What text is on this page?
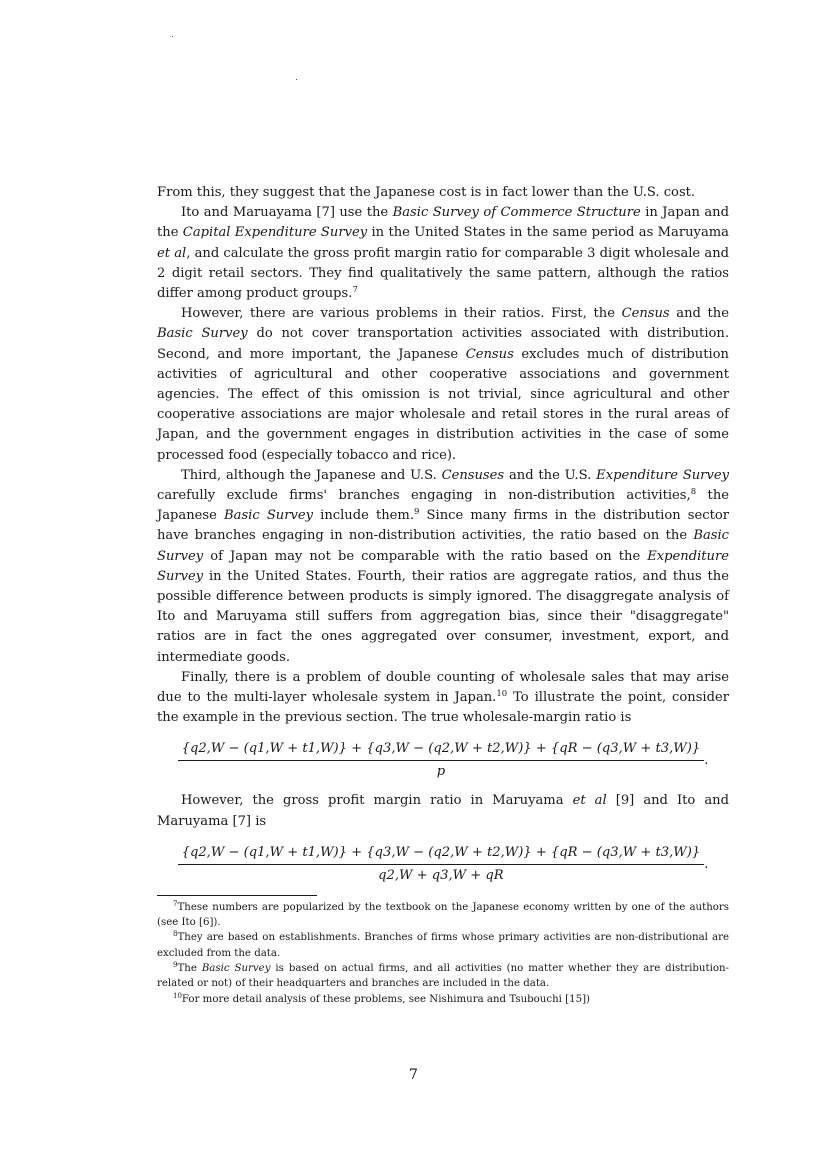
From this, they suggest that the Japanese cost is in fact lower than the U.S. cost.

Ito and Maruayama [7] use the Basic Survey of Commerce Structure in Japan and the Capital Expenditure Survey in the United States in the same period as Maruyama et al, and calculate the gross profit margin ratio for comparable 3 digit wholesale and 2 digit retail sectors. They find qualitatively the same pattern, although the ratios differ among product groups.$^7$

However, there are various problems in their ratios. First, the Census and the Basic Survey do not cover transportation activities associated with distribution. Second, and more important, the Japanese Census excludes much of distribution activities of agricultural and other cooperative associations and government agencies. The effect of this omission is not trivial, since agricultural and other cooperative associations are major wholesale and retail stores in the rural areas of Japan, and the government engages in distribution activities in the case of some processed food (especially tobacco and rice).

Third, although the Japanese and U.S. Censuses and the U.S. Expenditure Survey carefully exclude firms' branches engaging in non-distribution activities,$^8$ the Japanese Basic Survey include them.$^9$ Since many firms in the distribution sector have branches engaging in non-distribution activities, the ratio based on the Basic Survey of Japan may not be comparable with the ratio based on the Expenditure Survey in the United States. Fourth, their ratios are aggregate ratios, and thus the possible difference between products is simply ignored. The disaggregate analysis of Ito and Maruyama still suffers from aggregation bias, since their "disaggregate" ratios are in fact the ones aggregated over consumer, investment, export, and intermediate goods.

Finally, there is a problem of double counting of wholesale sales that may arise due to the multi-layer wholesale system in Japan.$^{10}$ To illustrate the point, consider the example in the previous section. The true wholesale-margin ratio is

{q2,W − (q1,W + t1,W)} + {q3,W − (q2,W + t2,W)} + {qR − (q3,W + t3,W)}
p
.

However, the gross profit margin ratio in Maruyama et al [9] and Ito and Maruyama [7] is

{q2,W − (q1,W + t1,W)} + {q3,W − (q2,W + t2,W)} + {qR − (q3,W + t3,W)}
q2,W + q3,W + qR
.

$^7$These numbers are popularized by the textbook on the Japanese economy written by one of the authors (see Ito [6]).

$^8$They are based on establishments. Branches of firms whose primary activities are non-distributional are excluded from the data.

$^9$The Basic Survey is based on actual firms, and all activities (no matter whether they are distribution-related or not) of their headquarters and branches are included in the data.

$^{10}$For more detail analysis of these problems, see Nishimura and Tsubouchi [15])

7
